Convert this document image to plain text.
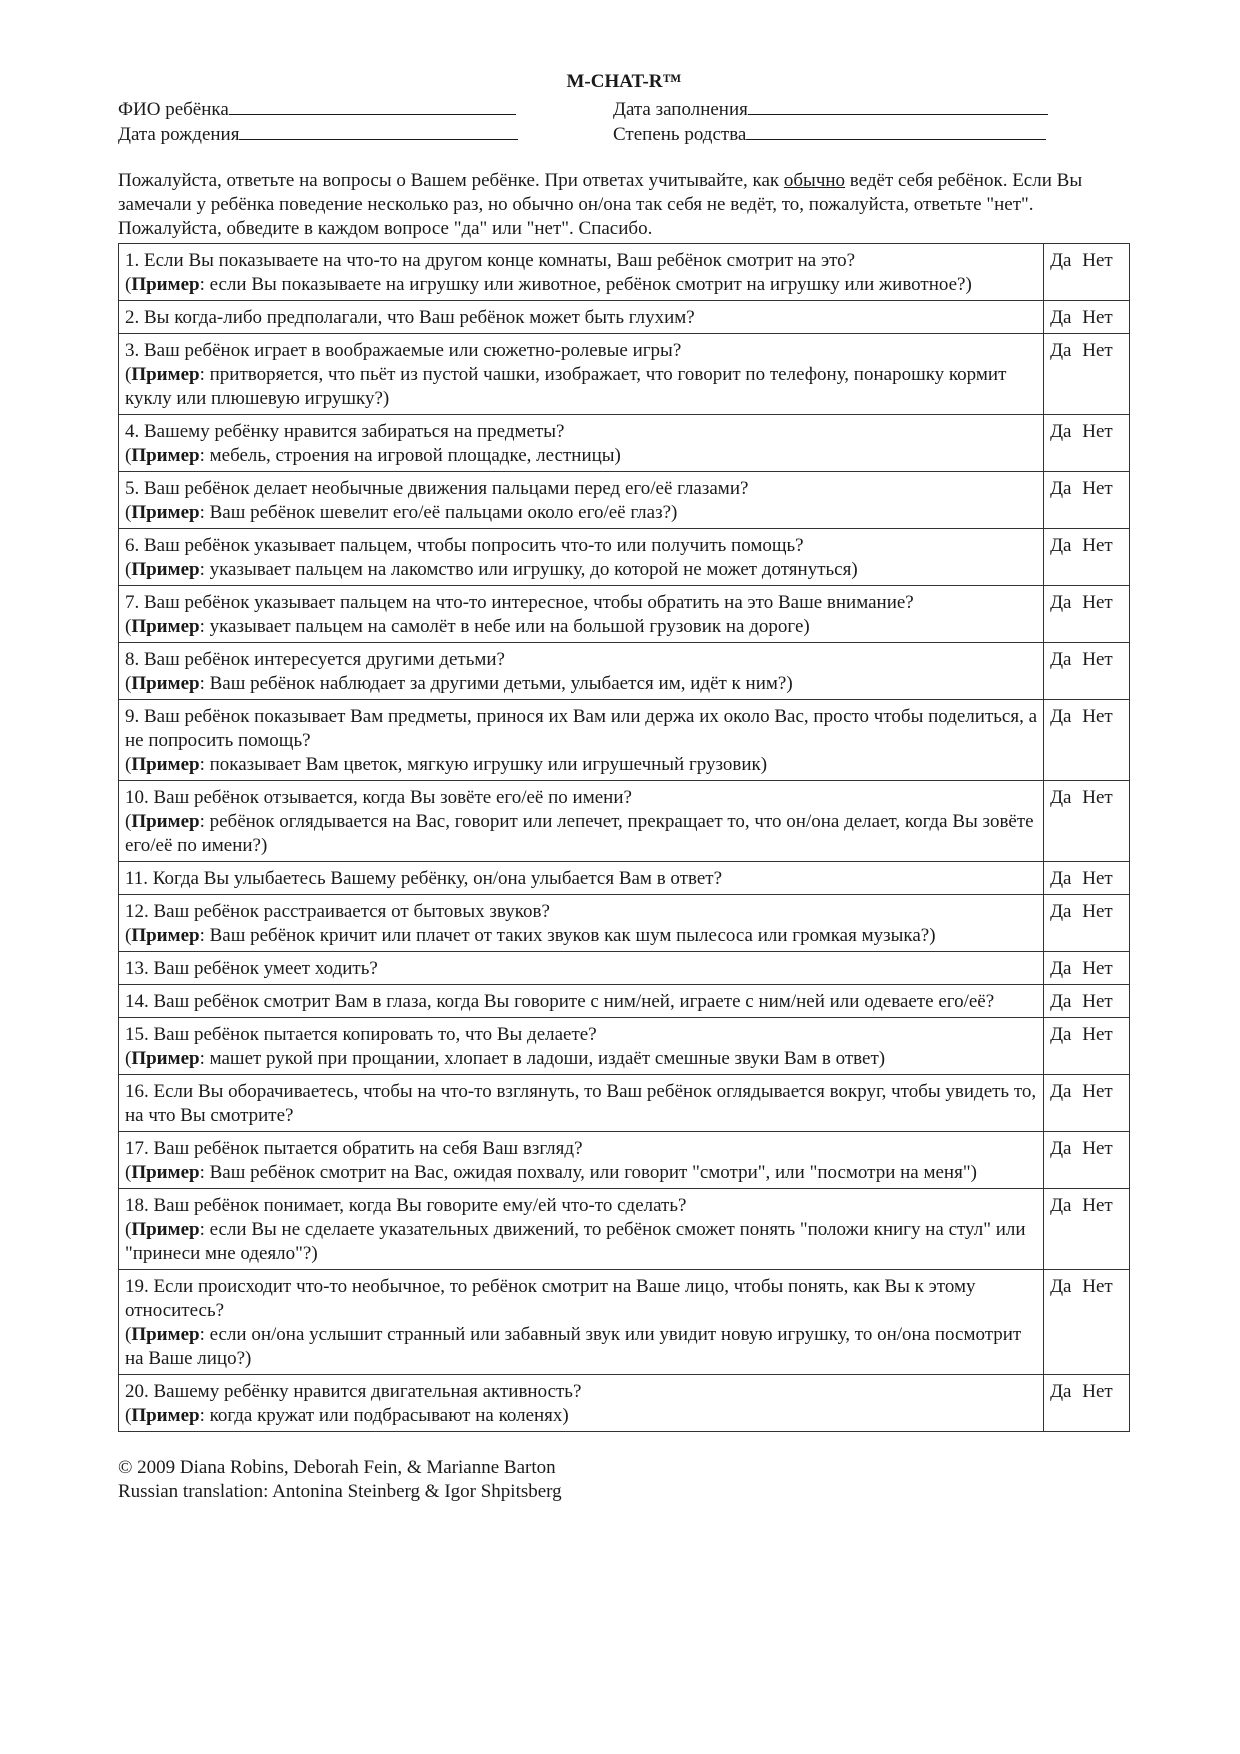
M-CHAT-R™
ФИО ребёнка	Дата заполнения
Дата рождения	Степень родства
Пожалуйста, ответьте на вопросы о Вашем ребёнке. При ответах учитывайте, как обычно ведёт себя ребёнок. Если Вы замечали у ребёнка поведение несколько раз, но обычно он/она так себя не ведёт, то, пожалуйста, ответьте "нет". Пожалуйста, обведите в каждом вопросе "да" или "нет". Спасибо.
1. Если Вы показываете на что-то на другом конце комнаты, Ваш ребёнок смотрит на это?
(Пример: если Вы показываете на игрушку или животное, ребёнок смотрит на игрушку или животное?)	Да Нет

2. Вы когда-либо предполагали, что Ваш ребёнок может быть глухим?	Да Нет

3. Ваш ребёнок играет в воображаемые или сюжетно-ролевые игры?
(Пример: притворяется, что пьёт из пустой чашки, изображает, что говорит по телефону, понарошку кормит куклу или плюшевую игрушку?)	Да Нет

4. Вашему ребёнку нравится забираться на предметы?
(Пример: мебель, строения на игровой площадке, лестницы)	Да Нет

5. Ваш ребёнок делает необычные движения пальцами перед его/её глазами?
(Пример: Ваш ребёнок шевелит его/её пальцами около его/её глаз?)	Да Нет

6. Ваш ребёнок указывает пальцем, чтобы попросить что-то или получить помощь?
(Пример: указывает пальцем на лакомство или игрушку, до которой не может дотянуться)	Да Нет

7. Ваш ребёнок указывает пальцем на что-то интересное, чтобы обратить на это Ваше внимание?
(Пример: указывает пальцем на самолёт в небе или на большой грузовик на дороге)	Да Нет

8. Ваш ребёнок интересуется другими детьми?
(Пример: Ваш ребёнок наблюдает за другими детьми, улыбается им, идёт к ним?)	Да Нет

9. Ваш ребёнок показывает Вам предметы, принося их Вам или держа их около Вас, просто чтобы поделиться, а не попросить помощь?
(Пример: показывает Вам цветок, мягкую игрушку или игрушечный грузовик)	Да Нет

10. Ваш ребёнок отзывается, когда Вы зовёте его/её по имени?
(Пример: ребёнок оглядывается на Вас, говорит или лепечет, прекращает то, что он/она делает, когда Вы зовёте его/её по имени?)	Да Нет

11. Когда Вы улыбаетесь Вашему ребёнку, он/она улыбается Вам в ответ?	Да Нет

12. Ваш ребёнок расстраивается от бытовых звуков?
(Пример: Ваш ребёнок кричит или плачет от таких звуков как шум пылесоса или громкая музыка?)	Да Нет

13. Ваш ребёнок умеет ходить?	Да Нет

14. Ваш ребёнок смотрит Вам в глаза, когда Вы говорите с ним/ней, играете с ним/ней или одеваете его/её?	Да Нет

15. Ваш ребёнок пытается копировать то, что Вы делаете?
(Пример: машет рукой при прощании, хлопает в ладоши, издаёт смешные звуки Вам в ответ)	Да Нет

16. Если Вы оборачиваетесь, чтобы на что-то взглянуть, то Ваш ребёнок оглядывается вокруг, чтобы увидеть то, на что Вы смотрите?	Да Нет

17. Ваш ребёнок пытается обратить на себя Ваш взгляд?
(Пример: Ваш ребёнок смотрит на Вас, ожидая похвалу, или говорит "смотри", или "посмотри на меня")	Да Нет

18. Ваш ребёнок понимает, когда Вы говорите ему/ей что-то сделать?
(Пример: если Вы не сделаете указательных движений, то ребёнок сможет понять "положи книгу на стул" или "принеси мне одеяло"?)	Да Нет

19. Если происходит что-то необычное, то ребёнок смотрит на Ваше лицо, чтобы понять, как Вы к этому относитесь?
(Пример: если он/она услышит странный или забавный звук или увидит новую игрушку, то он/она посмотрит на Ваше лицо?)	Да Нет

20. Вашему ребёнку нравится двигательная активность?
(Пример: когда кружат или подбрасывают на коленях)	Да Нет
© 2009 Diana Robins, Deborah Fein, & Marianne Barton
Russian translation: Antonina Steinberg & Igor Shpitsberg
